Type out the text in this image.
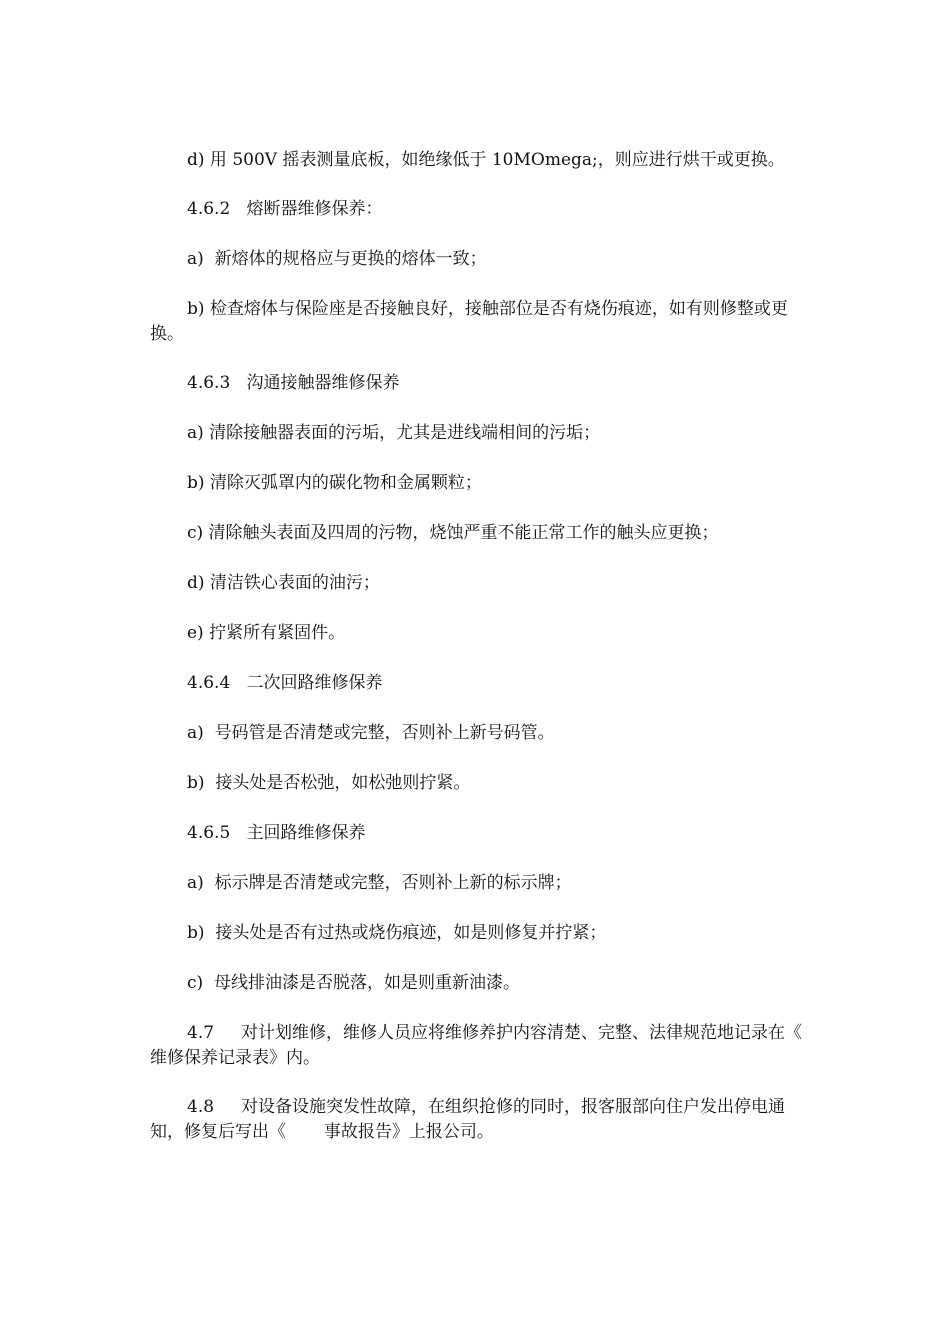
d) 用 500V 摇表测量底板，如绝缘低于 10MOmega;，则应进行烘干或更换。

4.6.2   熔断器维修保养：

a)  新熔体的规格应与更换的熔体一致；

b) 检查熔体与保险座是否接触良好，接触部位是否有烧伤痕迹，如有则修整或更换。

4.6.3   沟通接触器维修保养

a) 清除接触器表面的污垢，尤其是进线端相间的污垢；

b) 清除灭弧罩内的碳化物和金属颗粒；

c) 清除触头表面及四周的污物，烧蚀严重不能正常工作的触头应更换；

d) 清洁铁心表面的油污；

e) 拧紧所有紧固件。

4.6.4   二次回路维修保养

a)  号码管是否清楚或完整，否则补上新号码管。

b)  接头处是否松弛，如松弛则拧紧。

4.6.5   主回路维修保养

a)  标示牌是否清楚或完整，否则补上新的标示牌；

b)  接头处是否有过热或烧伤痕迹，如是则修复并拧紧；

c)  母线排油漆是否脱落，如是则重新油漆。

4.7     对计划维修，维修人员应将维修养护内容清楚、完整、法律规范地记录在《     维修保养记录表》内。

4.8     对设备设施突发性故障，在组织抢修的同时，报客服部向住户发出停电通知，修复后写出《       事故报告》上报公司。
